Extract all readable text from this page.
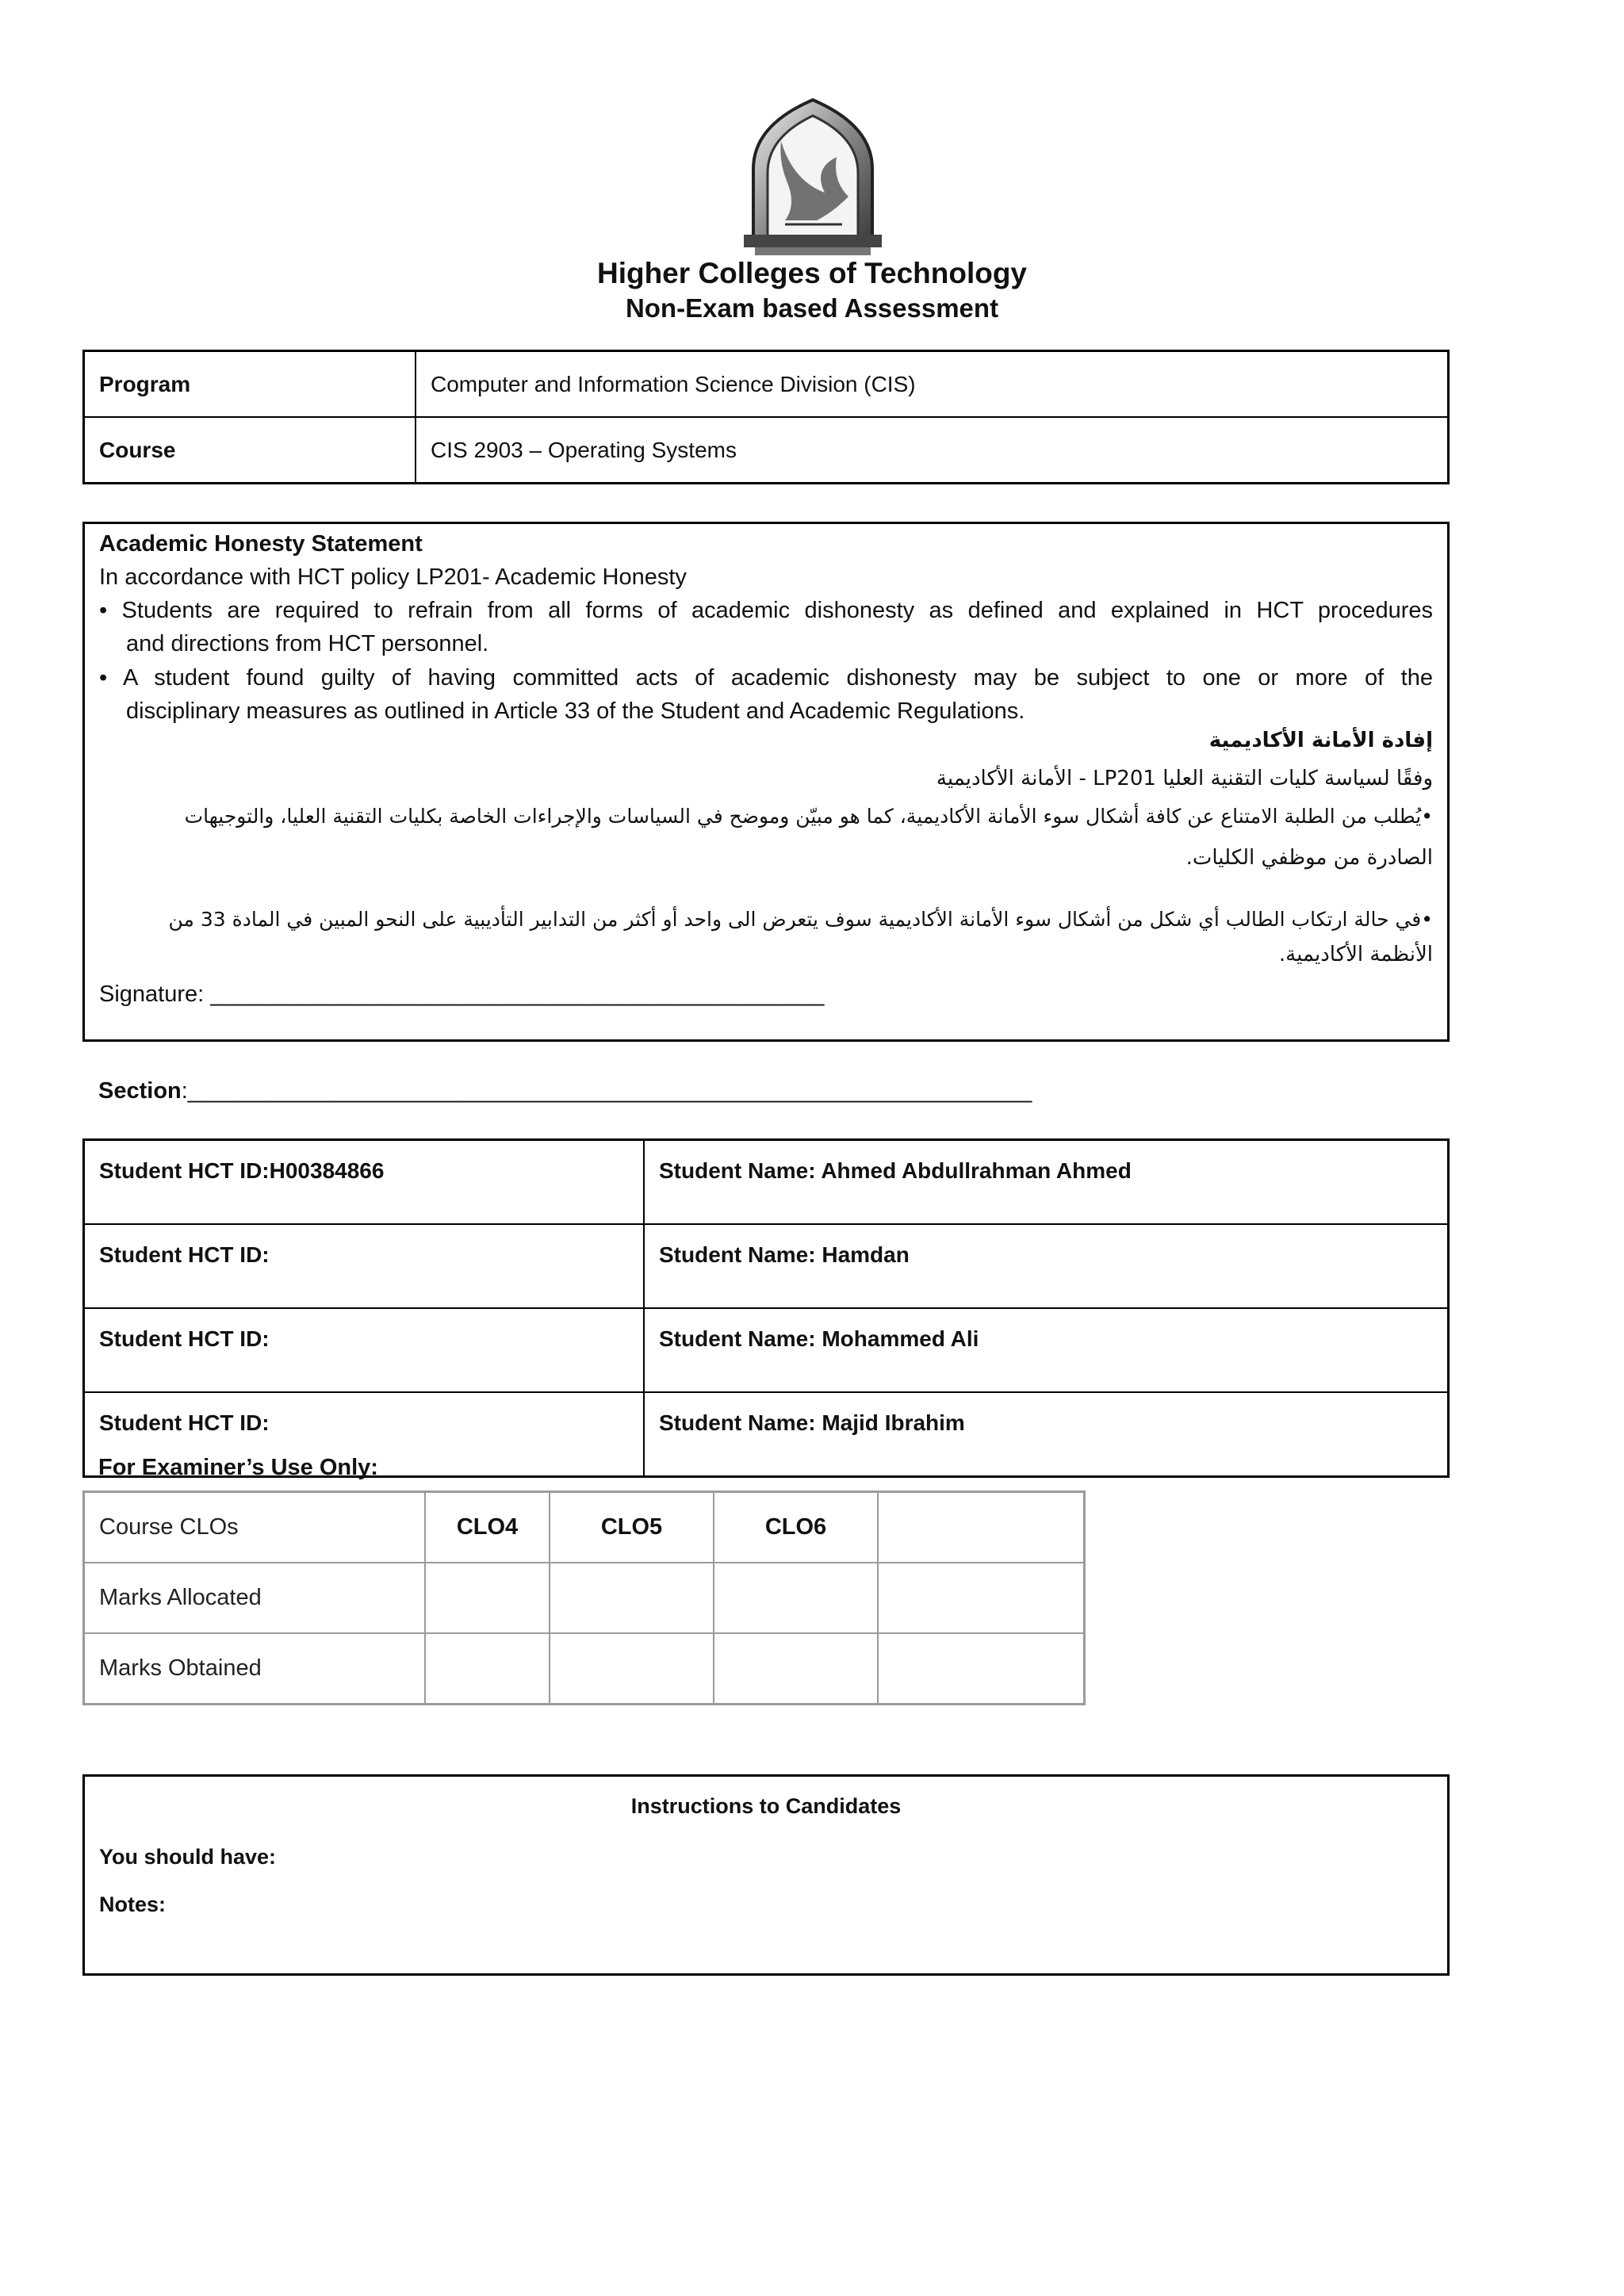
Higher Colleges of Technology
Non-Exam based Assessment
Program	Computer and Information Science Division (CIS)
Course	CIS 2903 – Operating Systems
Academic Honesty Statement
In accordance with HCT policy LP201- Academic Honesty
• Students are required to refrain from all forms of academic dishonesty as defined and explained in HCT procedures
and directions from HCT personnel.
• A student found guilty of having committed acts of academic dishonesty may be subject to one or more of the
disciplinary measures as outlined in Article 33 of the Student and Academic Regulations.
إفادة الأمانة الأكاديمية
وفقًا لسياسة كليات التقنية العليا LP201 - الأمانة الأكاديمية
•يُطلب من الطلبة الامتناع عن كافة أشكال سوء الأمانة الأكاديمية، كما هو مبيّن وموضح في السياسات والإجراءات الخاصة بكليات التقنية العليا، والتوجيهات
الصادرة من موظفي الكليات.
•في حالة ارتكاب الطالب أي شكل من أشكال سوء الأمانة الأكاديمية سوف يتعرض الى واحد أو أكثر من التدابير التأديبية على النحو المبين في المادة 33 من
الأنظمة الأكاديمية.
Signature: ________________________________________________
Section:__________________________________________________________________
Student HCT ID:H00384866	Student Name: Ahmed Abdullrahman Ahmed
Student HCT ID:	Student Name: Hamdan
Student HCT ID:	Student Name: Mohammed Ali
Student HCT ID:	Student Name: Majid Ibrahim
For Examiner’s Use Only:
Course CLOs	CLO4	CLO5	CLO6	
Marks Allocated				
Marks Obtained				
Instructions to Candidates
You should have:
Notes:
